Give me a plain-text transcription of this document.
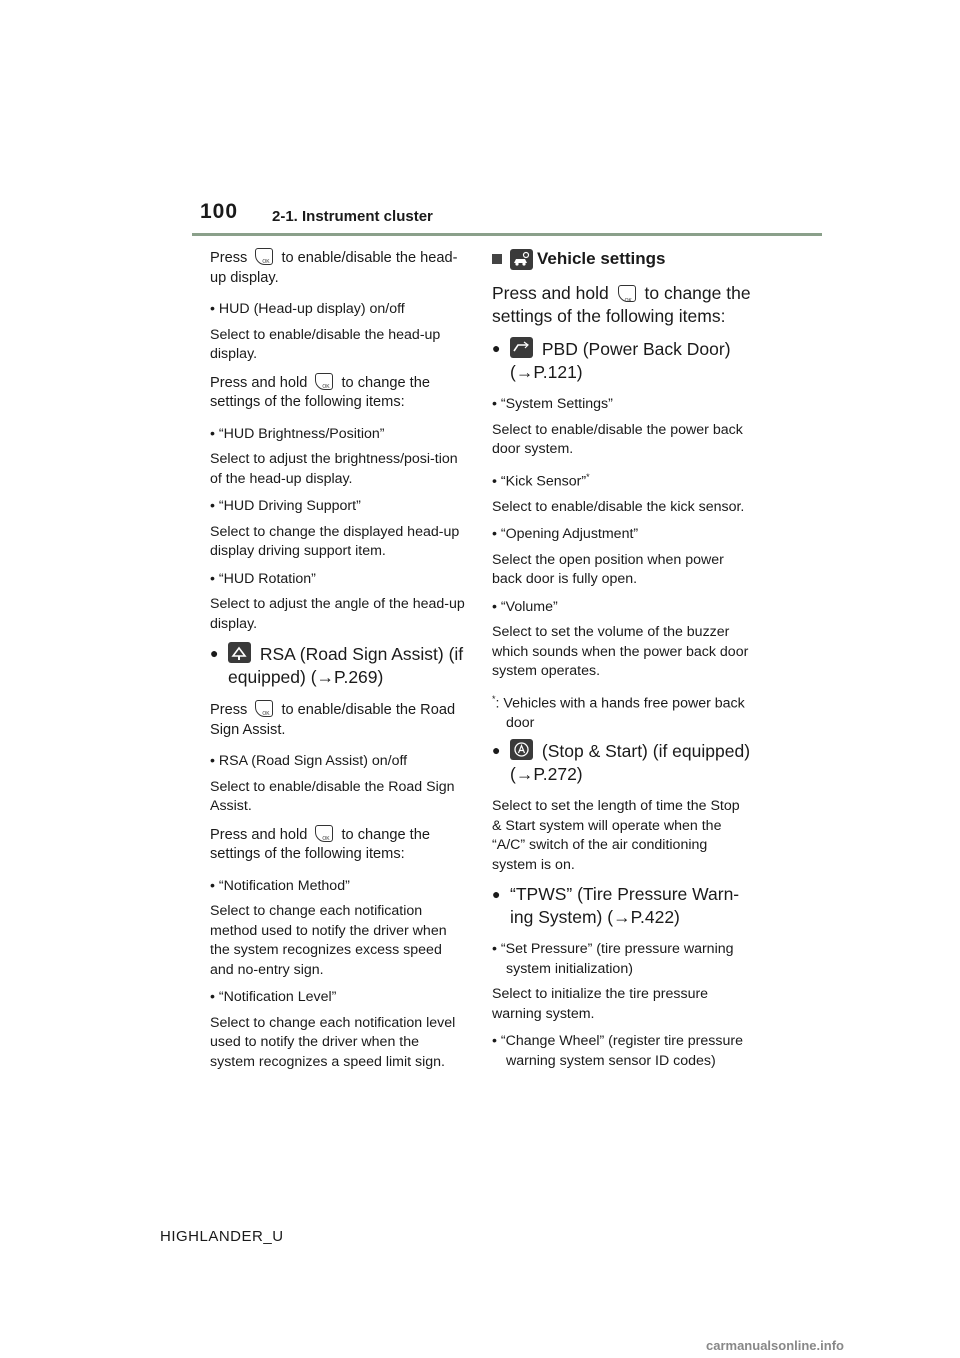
100 2-1. Instrument cluster

Press OK to enable/disable the head-up display.

• HUD (Head-up display) on/off

Select to enable/disable the head-up display.

Press and hold OK to change the settings of the following items:

• “HUD Brightness/Position”

Select to adjust the brightness/posi-tion of the head-up display.

• “HUD Driving Support”

Select to change the displayed head-up display driving support item.

• “HUD Rotation”

Select to adjust the angle of the head-up display.

● RSA (Road Sign Assist) (if equipped) (→P.269)

Press OK to enable/disable the Road Sign Assist.

• RSA (Road Sign Assist) on/off

Select to enable/disable the Road Sign Assist.

Press and hold OK to change the settings of the following items:

• “Notification Method”

Select to change each notification method used to notify the driver when the system recognizes excess speed and no-entry sign.

• “Notification Level”

Select to change each notification level used to notify the driver when the system recognizes a speed limit sign.

Vehicle settings

Press and hold OK to change the settings of the following items:

● PBD (Power Back Door) (→P.121)

• “System Settings”

Select to enable/disable the power back door system.

• “Kick Sensor”*

Select to enable/disable the kick sensor.

• “Opening Adjustment”

Select the open position when power back door is fully open.

• “Volume”

Select to set the volume of the buzzer which sounds when the power back door system operates.

*: Vehicles with a hands free power back door

● (Stop & Start) (if equipped) (→P.272)

Select to set the length of time the Stop & Start system will operate when the “A/C” switch of the air conditioning system is on.

● “TPWS” (Tire Pressure Warn-ing System) (→P.422)

• “Set Pressure” (tire pressure warning system initialization)

Select to initialize the tire pressure warning system.

• “Change Wheel” (register tire pressure warning system sensor ID codes)

HIGHLANDER_U
carmanualsonline.info
